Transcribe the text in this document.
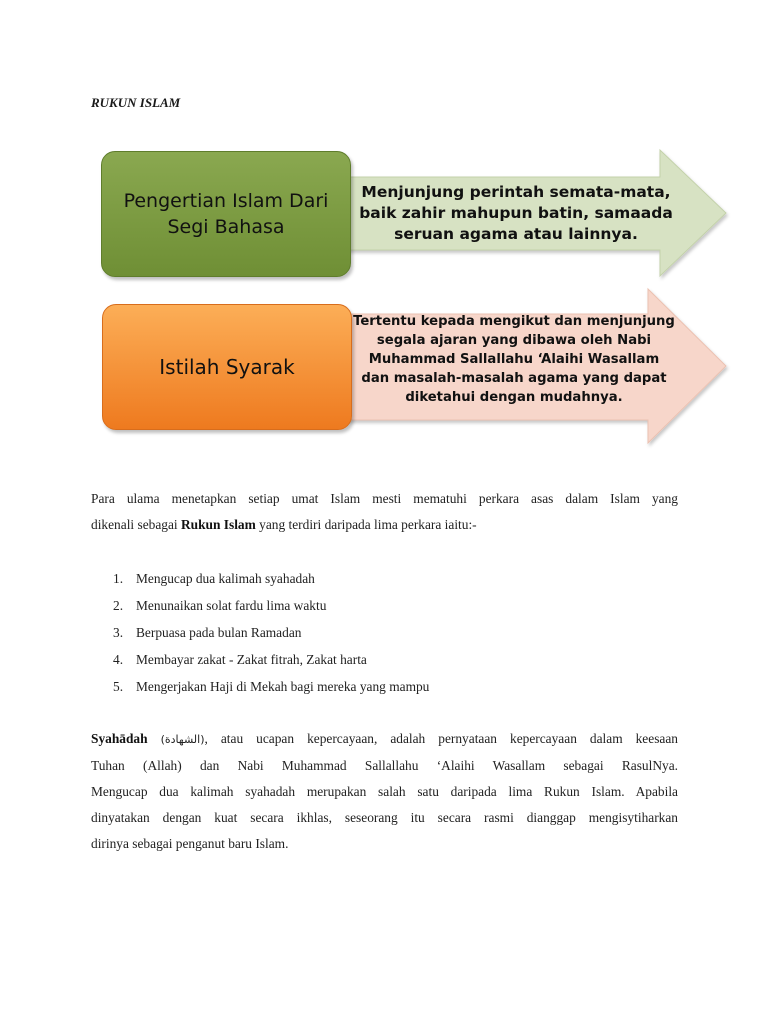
RUKUN ISLAM
Menjunjung perintah semata-mata,
baik zahir mahupun batin, samaada
seruan agama atau lainnya.
Tertentu kepada mengikut dan menjunjung
segala ajaran yang dibawa oleh Nabi
Muhammad Sallallahu ‘Alaihi Wasallam
dan masalah-masalah agama yang dapat
diketahui dengan mudahnya.
Pengertian Islam Dari
Segi Bahasa
Istilah Syarak
Para ulama menetapkan setiap umat Islam mesti mematuhi perkara asas dalam Islam yang
dikenali sebagai Rukun Islam yang terdiri daripada lima perkara iaitu:-
1. Mengucap dua kalimah syahadah
2. Menunaikan solat fardu lima waktu
3. Berpuasa pada bulan Ramadan
4. Membayar zakat - Zakat fitrah, Zakat harta
5. Mengerjakan Haji di Mekah bagi mereka yang mampu
Syahādah (الشهادة), atau ucapan kepercayaan, adalah pernyataan kepercayaan dalam keesaan
Tuhan (Allah) dan Nabi Muhammad Sallallahu ‘Alaihi Wasallam sebagai RasulNya.
Mengucap dua kalimah syahadah merupakan salah satu daripada lima Rukun Islam. Apabila
dinyatakan dengan kuat secara ikhlas, seseorang itu secara rasmi dianggap mengisytiharkan
dirinya sebagai penganut baru Islam.
